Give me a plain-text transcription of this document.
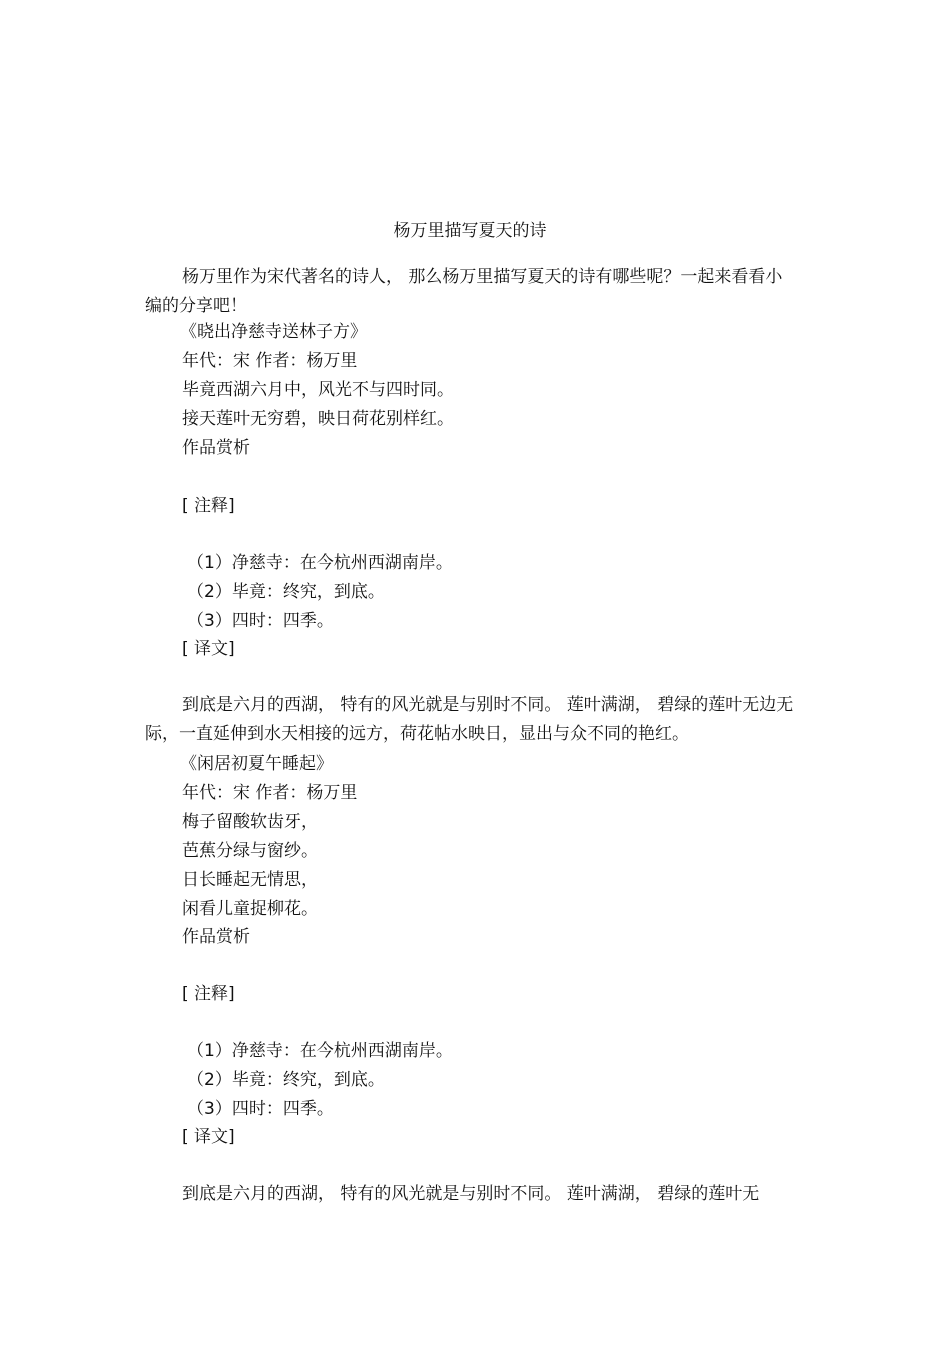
杨万里描写夏天的诗
杨万里作为宋代著名的诗人， 那么杨万里描写夏天的诗有哪些呢？一起来看看小编的分享吧！
《晓出净慈寺送林子方》
年代：宋 作者：杨万里
毕竟西湖六月中，风光不与四时同。
接天莲叶无穷碧，映日荷花别样红。
作品赏析
[ 注释]
（1）净慈寺：在今杭州西湖南岸。
（2）毕竟：终究，到底。
（3）四时：四季。
[ 译文]
到底是六月的西湖， 特有的风光就是与别时不同。 莲叶满湖， 碧绿的莲叶无边无际，一直延伸到水天相接的远方，荷花帖水映日，显出与众不同的艳红。
《闲居初夏午睡起》
年代：宋 作者：杨万里
梅子留酸软齿牙，
芭蕉分绿与窗纱。
日长睡起无情思，
闲看儿童捉柳花。
作品赏析
[ 注释]
（1）净慈寺：在今杭州西湖南岸。
（2）毕竟：终究，到底。
（3）四时：四季。
[ 译文]
到底是六月的西湖， 特有的风光就是与别时不同。 莲叶满湖， 碧绿的莲叶无
